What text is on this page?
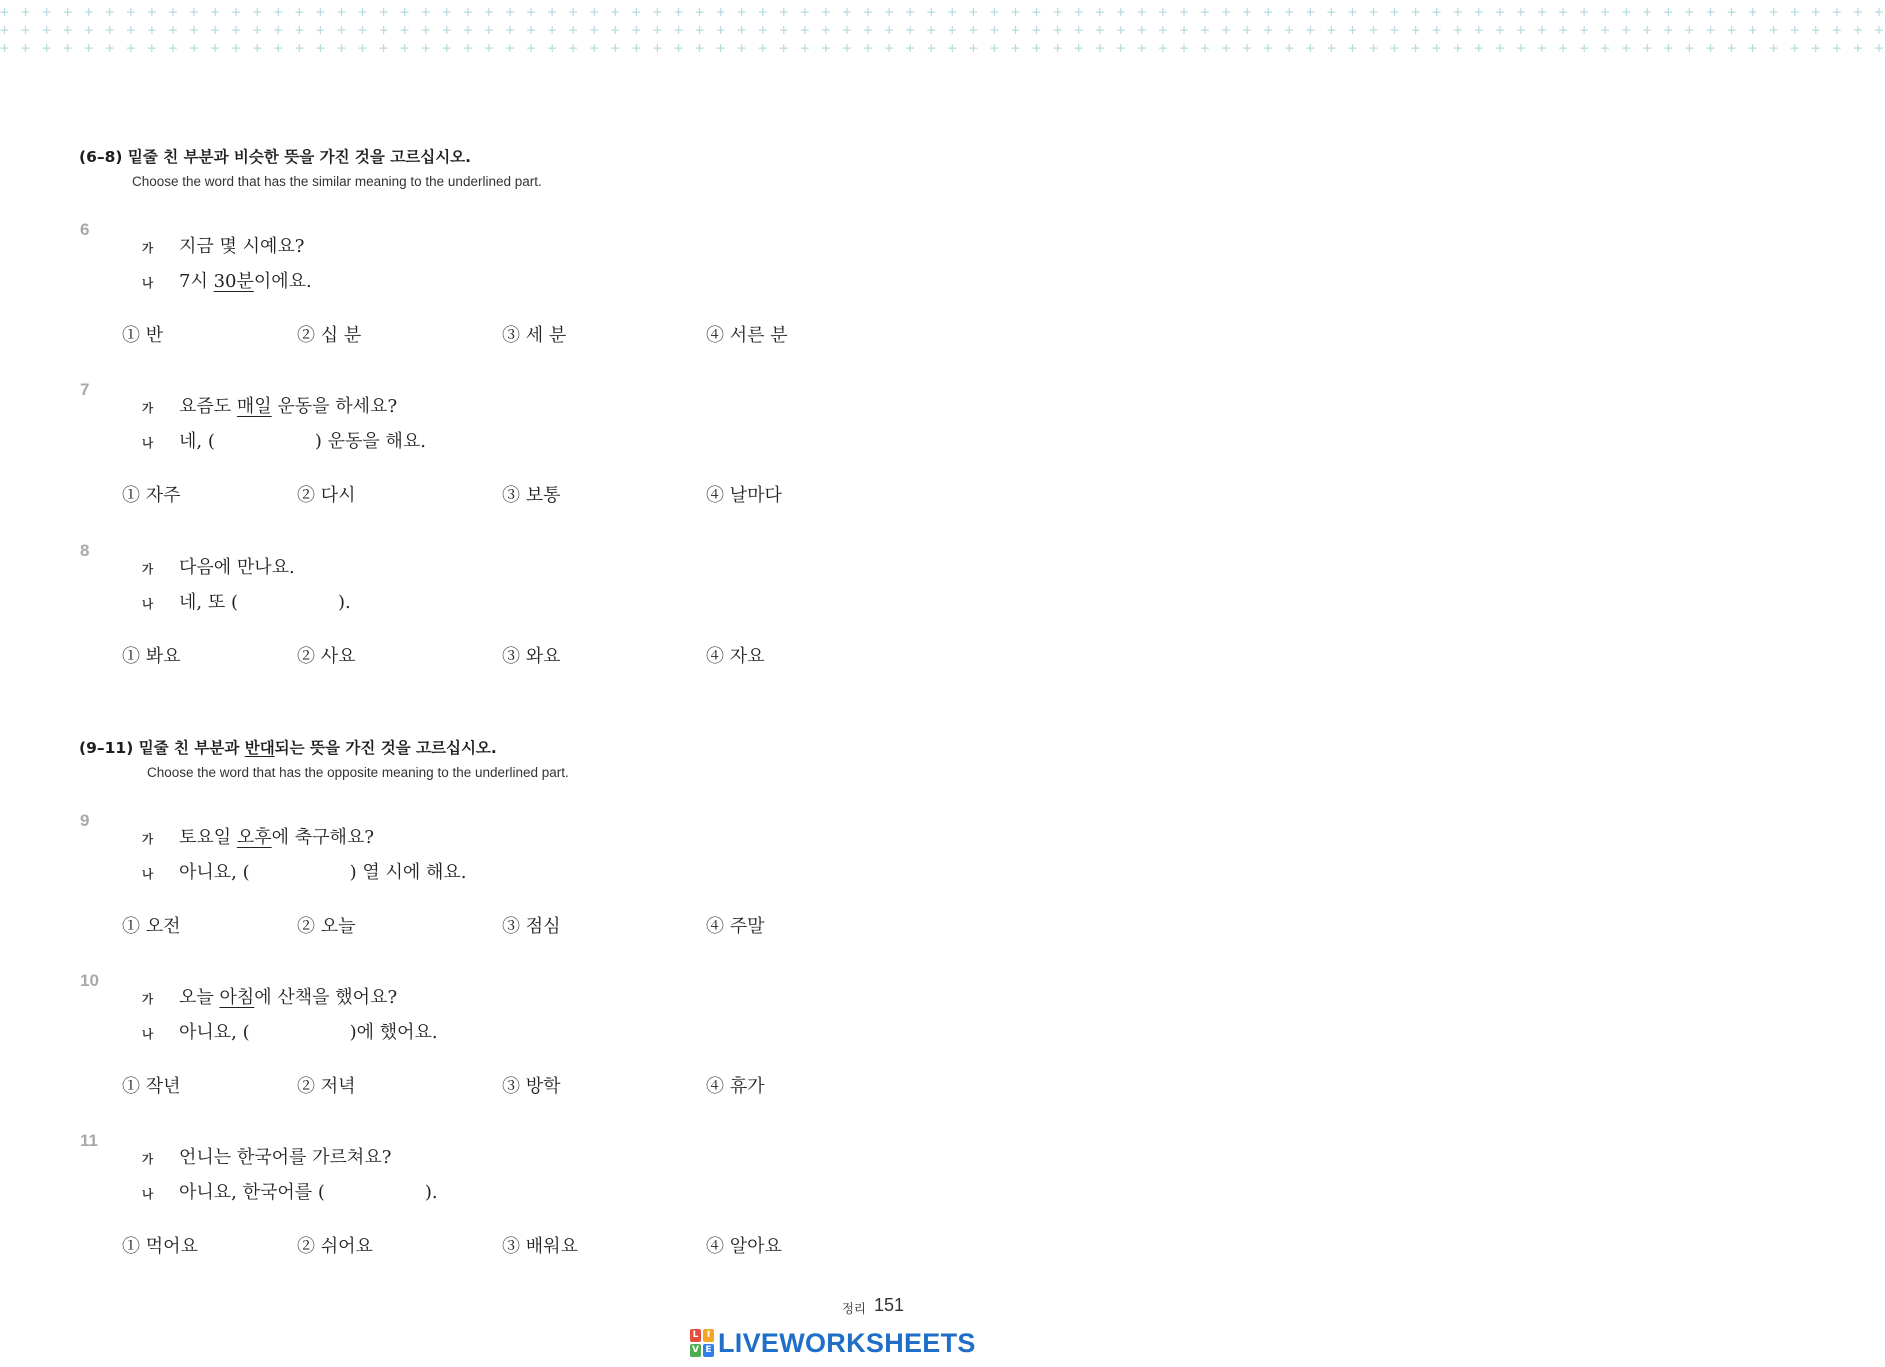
+ + + + + + + + + + + + + + + + + + + + + + + + + + + + + + + + + + + + + + + + + + + + + + + + + + + + + + + + + + + + + + + + + + + + + + + + + + + + + + + + + + + + + + + + + +
+ + + + + + + + + + + + + + + + + + + + + + + + + + + + + + + + + + + + + + + + + + + + + + + + + + + + + + + + + + + + + + + + + + + + + + + + + + + + + + + + + + + + + + + + + +
+ + + + + + + + + + + + + + + + + + + + + + + + + + + + + + + + + + + + + + + + + + + + + + + + + + + + + + + + + + + + + + + + + + + + + + + + + + + + + + + + + + + + + + + + + +
(6–8) 밑줄 친 부분과 비슷한 뜻을 가진 것을 고르십시오.
Choose the word that has the similar meaning to the underlined part.
(9–11) 밑줄 친 부분과 반대되는 뜻을 가진 것을 고르십시오.
Choose the word that has the opposite meaning to the underlined part.
6
가 지금 몇 시예요?
나 7시 30분이에요.
① 반	② 십 분	③ 세 분	④ 서른 분
7
가 요즘도 매일 운동을 하세요?
나 네, (	) 운동을 해요.
① 자주	② 다시	③ 보통	④ 날마다
8
가 다음에 만나요.
나 네, 또 (	).
① 봐요	② 사요	③ 와요	④ 자요
9
가 토요일 오후에 축구해요?
나 아니요, (	) 열 시에 해요.
① 오전	② 오늘	③ 점심	④ 주말
10
가 오늘 아침에 산책을 했어요?
나 아니요, (	)에 했어요.
① 작년	② 저녁	③ 방학	④ 휴가
11
가 언니는 한국어를 가르쳐요?
나 아니요, 한국어를 (	).
① 먹어요	② 쉬어요	③ 배워요	④ 알아요
정리 151
L I
V E LIVEWORKSHEETS
